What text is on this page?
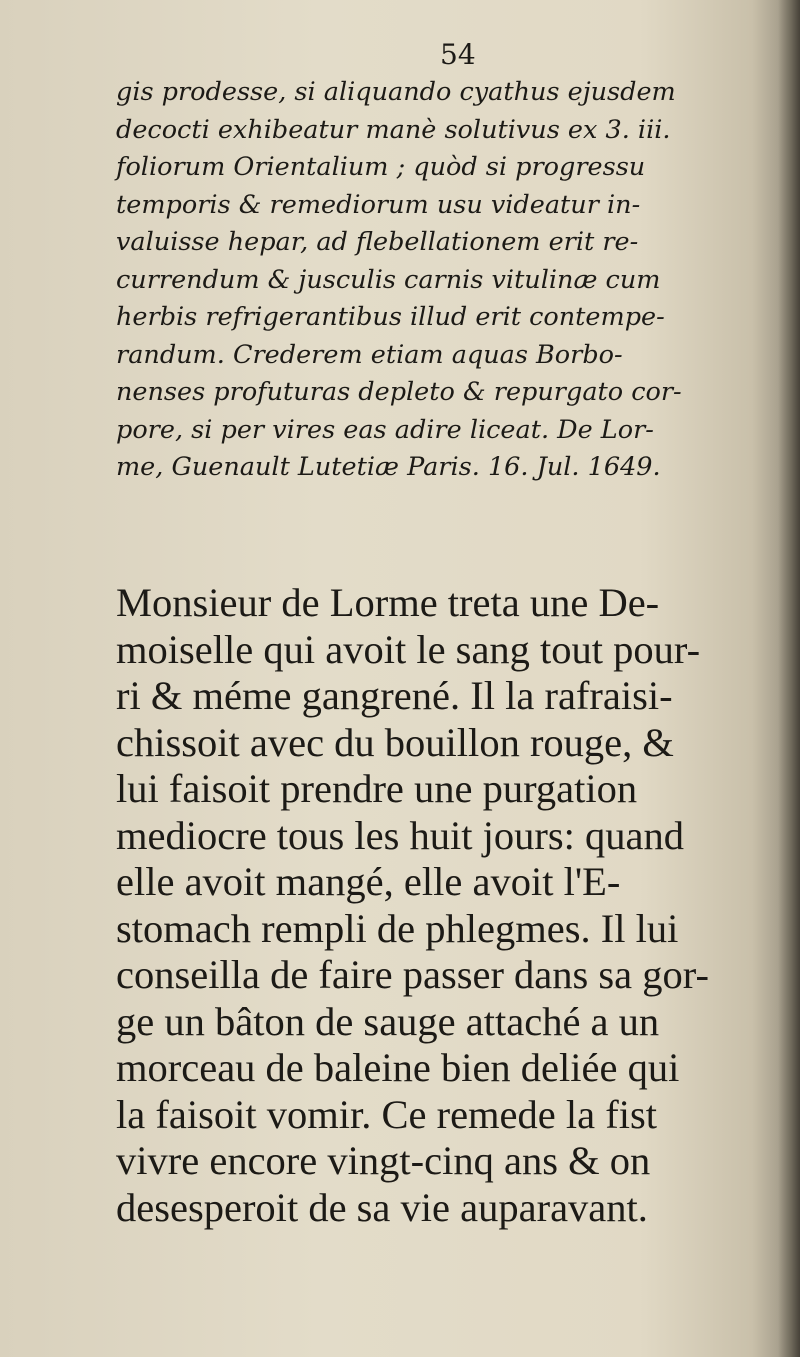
54

gis prodesse, si aliquando cyathus ejusdem
decocti exhibeatur manè solutivus ex 3. iii.
foliorum Orientalium ; quòd si progressu
temporis & remediorum usu videatur in-
valuisse hepar, ad flebellationem erit re-
currendum & jusculis carnis vitulinæ cum
herbis refrigerantibus illud erit contempe-
randum. Crederem etiam aquas Borbo-
nenses profuturas depleto & repurgato cor-
pore, si per vires eas adire liceat. De Lor-
me, Guenault Lutetiæ Paris. 16. Jul. 1649.

Monsieur de Lorme treta une De-
moiselle qui avoit le sang tout pour-
ri & méme gangrené. Il la rafraisi-
chissoit avec du bouillon rouge, &
lui faisoit prendre une purgation
mediocre tous les huit jours: quand
elle avoit mangé, elle avoit l'E-
stomach rempli de phlegmes. Il lui
conseilla de faire passer dans sa gor-
ge un bâton de sauge attaché a un
morceau de baleine bien deliée qui
la faisoit vomir. Ce remede la fist
vivre encore vingt-cinq ans & on
desesperoit de sa vie auparavant.
